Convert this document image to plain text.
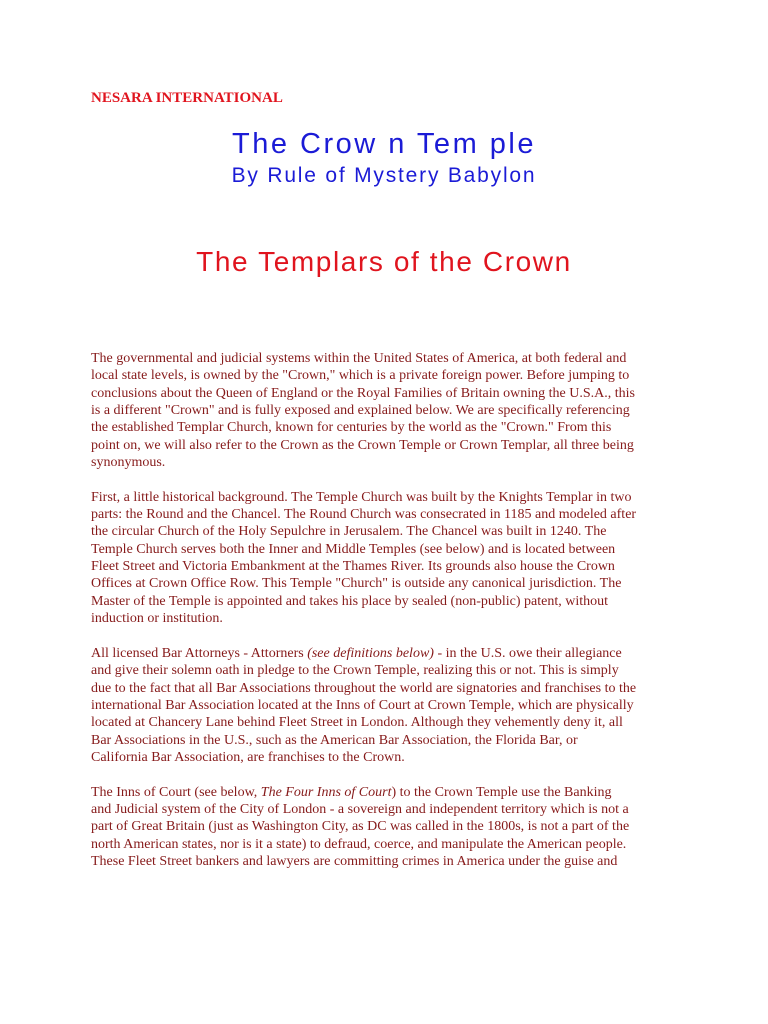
NESARA INTERNATIONAL
The Crow n Tem ple
By Rule of Mystery Babylon
The Templars of the Crown
The governmental and judicial systems within the United States of America, at both federal and
local state levels, is owned by the "Crown," which is a private foreign power. Before jumping to
conclusions about the Queen of England or the Royal Families of Britain owning the U.S.A., this
is a different "Crown" and is fully exposed and explained below. We are specifically referencing
the established Templar Church, known for centuries by the world as the "Crown." From this
point on, we will also refer to the Crown as the Crown Temple or Crown Templar, all three being
synonymous.
First, a little historical background. The Temple Church was built by the Knights Templar in two
parts: the Round and the Chancel. The Round Church was consecrated in 1185 and modeled after
the circular Church of the Holy Sepulchre in Jerusalem. The Chancel was built in 1240. The
Temple Church serves both the Inner and Middle Temples (see below) and is located between
Fleet Street and Victoria Embankment at the Thames River. Its grounds also house the Crown
Offices at Crown Office Row. This Temple "Church" is outside any canonical jurisdiction. The
Master of the Temple is appointed and takes his place by sealed (non-public) patent, without
induction or institution.
All licensed Bar Attorneys - Attorners (see definitions below) - in the U.S. owe their allegiance
and give their solemn oath in pledge to the Crown Temple, realizing this or not. This is simply
due to the fact that all Bar Associations throughout the world are signatories and franchises to the
international Bar Association located at the Inns of Court at Crown Temple, which are physically
located at Chancery Lane behind Fleet Street in London. Although they vehemently deny it, all
Bar Associations in the U.S., such as the American Bar Association, the Florida Bar, or
California Bar Association, are franchises to the Crown.
The Inns of Court (see below, The Four Inns of Court) to the Crown Temple use the Banking
and Judicial system of the City of London - a sovereign and independent territory which is not a
part of Great Britain (just as Washington City, as DC was called in the 1800s, is not a part of the
north American states, nor is it a state) to defraud, coerce, and manipulate the American people.
These Fleet Street bankers and lawyers are committing crimes in America under the guise and
